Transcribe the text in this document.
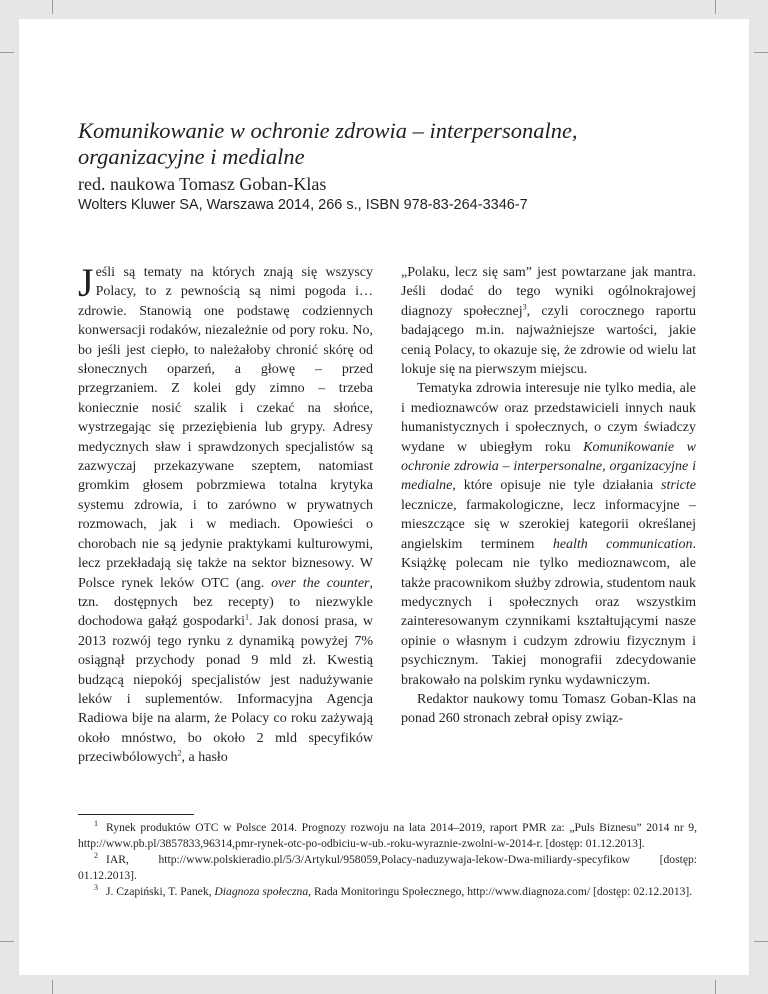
Komunikowanie w ochronie zdrowia – interpersonalne, organizacyjne i medialne

red. naukowa Tomasz Goban-Klas

Wolters Kluwer SA, Warszawa 2014, 266 s., ISBN 978-83-264-3346-7

Jeśli są tematy na których znają się wszyscy Polacy, to z pewnością są nimi pogoda i… zdrowie. Stanowią one podstawę codziennych konwersacji rodaków, niezależnie od pory roku. No, bo jeśli jest ciepło, to należałoby chronić skórę od słonecznych oparzeń, a głowę – przed przegrzaniem. Z kolei gdy zimno – trzeba koniecznie nosić szalik i czekać na słońce, wystrzegając się przeziębienia lub grypy. Adresy medycznych sław i sprawdzonych specjalistów są zazwyczaj przekazywane szeptem, natomiast gromkim głosem pobrzmiewa totalna krytyka systemu zdrowia, i to zarówno w prywatnych rozmowach, jak i w mediach. Opowieści o chorobach nie są jedynie praktykami kulturowymi, lecz przekładają się także na sektor biznesowy. W Polsce rynek leków OTC (ang. over the counter, tzn. dostępnych bez recepty) to niezwykle dochodowa gałąź gospodarki$^1$. Jak donosi prasa, w 2013 rozwój tego rynku z dynamiką powyżej 7% osiągnął przychody ponad 9 mld zł. Kwestią budzącą niepokój specjalistów jest nadużywanie leków i suplementów. Informacyjna Agencja Radiowa bije na alarm, że Polacy co roku zażywają około mnóstwo, bo około 2 mld specyfików przeciwbólowych$^2$, a hasło

„Polaku, lecz się sam” jest powtarzane jak mantra. Jeśli dodać do tego wyniki ogólnokrajowej diagnozy społecznej$^3$, czyli corocznego raportu badającego m.in. najważniejsze wartości, jakie cenią Polacy, to okazuje się, że zdrowie od wielu lat lokuje się na pierwszym miejscu.

Tematyka zdrowia interesuje nie tylko media, ale i medioznawców oraz przedstawicieli innych nauk humanistycznych i społecznych, o czym świadczy wydane w ubiegłym roku Komunikowanie w ochronie zdrowia – interpersonalne, organizacyjne i medialne, które opisuje nie tyle działania stricte lecznicze, farmakologiczne, lecz informacyjne – mieszczące się w szerokiej kategorii określanej angielskim terminem health communication. Książkę polecam nie tylko medioznawcom, ale także pracownikom służby zdrowia, studentom nauk medycznych i społecznych oraz wszystkim zainteresowanym czynnikami kształtującymi nasze opinie o własnym i cudzym zdrowiu fizycznym i psychicznym. Takiej monografii zdecydowanie brakowało na polskim rynku wydawniczym.

Redaktor naukowy tomu Tomasz Goban-Klas na ponad 260 stronach zebrał opisy związ-

$^1$ Rynek produktów OTC w Polsce 2014. Prognozy rozwoju na lata 2014–2019, raport PMR za: „Puls Biznesu” 2014 nr 9, http://www.pb.pl/3857833,96314,pmr-rynek-otc-po-odbiciu-w-ub.-roku-wyraznie-zwolni-w-2014-r. [dostęp: 01.12.2013].

$^2$ IAR, http://www.polskieradio.pl/5/3/Artykul/958059,Polacy-naduzywaja-lekow-Dwa-miliardy-specyfikow [dostęp: 01.12.2013].

$^3$ J. Czapiński, T. Panek, Diagnoza społeczna, Rada Monitoringu Społecznego, http://www.diagnoza.com/ [dostęp: 02.12.2013].
